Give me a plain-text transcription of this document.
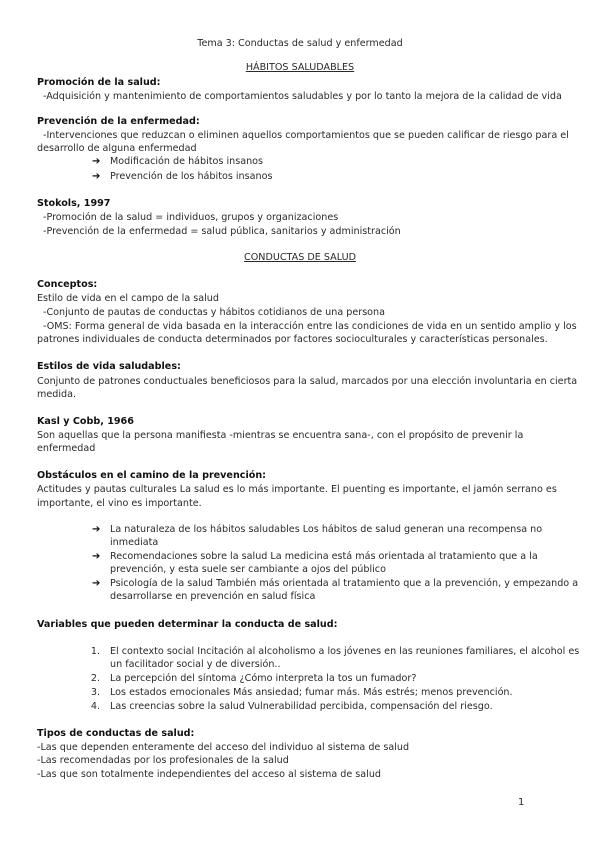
Tema 3: Conductas de salud y enfermedad
HÁBITOS SALUDABLES
Promoción de la salud:
-Adquisición y mantenimiento de comportamientos saludables y por lo tanto la mejora de la calidad de vida
Prevención de la enfermedad:
-Intervenciones que reduzcan o eliminen aquellos comportamientos que se pueden calificar de riesgo para el
desarrollo de alguna enfermedad
➔ Modificación de hábitos insanos
➔ Prevención de los hábitos insanos
Stokols, 1997
-Promoción de la salud = individuos, grupos y organizaciones
-Prevención de la enfermedad = salud pública, sanitarios y administración
CONDUCTAS DE SALUD
Conceptos:
Estilo de vida en el campo de la salud
-Conjunto de pautas de conductas y hábitos cotidianos de una persona
-OMS: Forma general de vida basada en la interacción entre las condiciones de vida en un sentido amplio y los
patrones individuales de conducta determinados por factores socioculturales y características personales.
Estilos de vida saludables:
Conjunto de patrones conductuales beneficiosos para la salud, marcados por una elección involuntaria en cierta
medida.
Kasl y Cobb, 1966
Son aquellas que la persona manifiesta -mientras se encuentra sana-, con el propósito de prevenir la
enfermedad
Obstáculos en el camino de la prevención:
Actitudes y pautas culturales La salud es lo más importante. El puenting es importante, el jamón serrano es
importante, el vino es importante.
➔ La naturaleza de los hábitos saludables Los hábitos de salud generan una recompensa no
inmediata
➔ Recomendaciones sobre la salud La medicina está más orientada al tratamiento que a la
prevención, y esta suele ser cambiante a ojos del público
➔ Psicología de la salud También más orientada al tratamiento que a la prevención, y empezando a
desarrollarse en prevención en salud física
Variables que pueden determinar la conducta de salud:
1. El contexto social Incitación al alcoholismo a los jóvenes en las reuniones familiares, el alcohol es
un facilitador social y de diversión..
2. La percepción del síntoma ¿Cómo interpreta la tos un fumador?
3. Los estados emocionales Más ansiedad; fumar más. Más estrés; menos prevención.
4. Las creencias sobre la salud Vulnerabilidad percibida, compensación del riesgo.
Tipos de conductas de salud:
-Las que dependen enteramente del acceso del individuo al sistema de salud
-Las recomendadas por los profesionales de la salud
-Las que son totalmente independientes del acceso al sistema de salud
1
